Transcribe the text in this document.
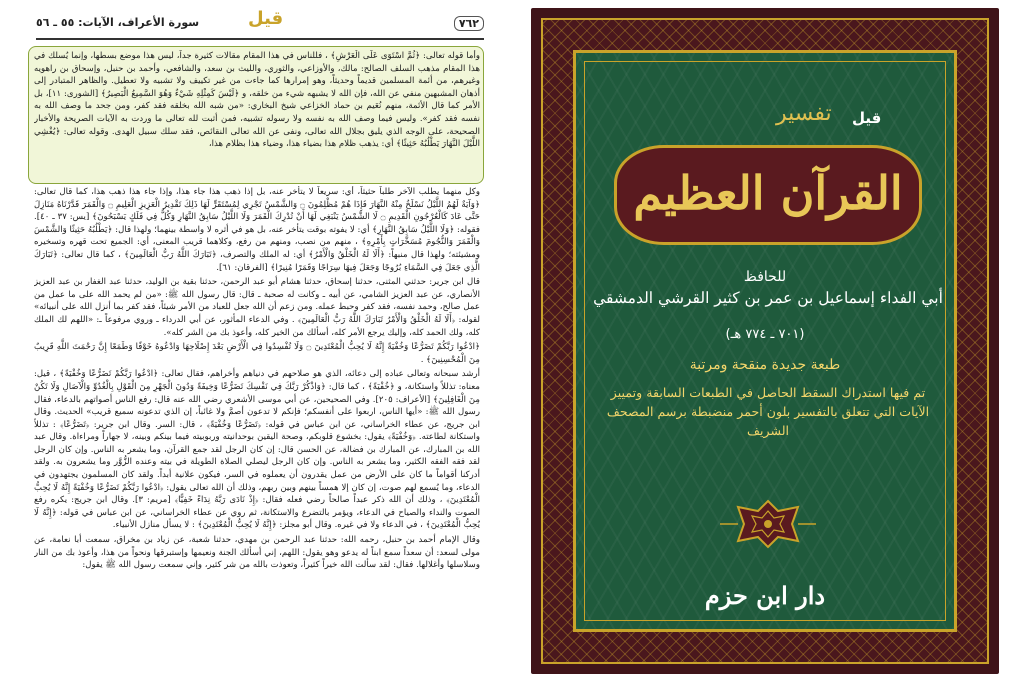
سورة الأعراف، الآيات: ٥٥ ـ ٥٦	قيل	٧٦٢
وأما قوله تعالى: ﴿ثُمَّ اسْتَوَى عَلَى الْعَرْشِ﴾ ، فللناس في هذا المقام مقالات كثيرة جداً، ليس هذا موضع بسطها، وإنما يُسلك في هذا المقام مذهب السلف الصالح: مالك، والأوزاعي، والثوري، والليث بن سعد، والشافعي، وأحمد بن حنبل، وإسحاق بن راهويه وغيرهم، من أئمة المسلمين قديماً وحديثاً، وهو إمرارها كما جاءت من غير تكييف ولا تشبيه ولا تعطيل. والظاهر المتبادر إلى أذهان المشبهين منفي عن الله، فإن الله لا يشبهه شيء من خلقه، و ﴿لَيْسَ كَمِثْلِهِ شَيْءٌ وَهُوَ السَّمِيعُ الْبَصِيرُ﴾ [الشورى: ١١]، بل الأمر كما قال الأئمة، منهم نُعَيم بن حماد الخزاعي شيخ البخاري: «من شبه الله بخلقه فقد كفر، ومن جحد ما وصف الله به نفسه فقد كفر». وليس فيما وصف الله به نفسه ولا رسوله تشبيه، فمن أثبت لله تعالى ما وردت به الآيات الصريحة والأخبار الصحيحة، على الوجه الذي يليق بجلال الله تعالى، ونفى عن الله تعالى النقائص، فقد سلك سبيل الهدى. وقوله تعالى: ﴿يُغْشِي اللَّيْلَ النَّهَارَ يَطْلُبُهُ حَثِيثًا﴾ أي: يذهب ظلام هذا بضياء هذا، وضياء هذا بظلام هذا،

وكل منهما يطلب الآخر طلباً حثيثاً، أي: سريعاً لا يتأخر عنه، بل إذا ذهب هذا جاء هذا، وإذا جاء هذا ذهب هذا، كما قال تعالى: ﴿وَآيَةٌ لَهُمُ اللَّيْلُ نَسْلَخُ مِنْهُ النَّهَارَ فَإِذَا هُمْ مُظْلِمُونَ ۝ وَالشَّمْسُ تَجْرِي لِمُسْتَقَرٍّ لَهَا ذَلِكَ تَقْدِيرُ الْعَزِيزِ الْعَلِيمِ ۝ وَالْقَمَرَ قَدَّرْنَاهُ مَنَازِلَ حَتَّى عَادَ كَالْعُرْجُونِ الْقَدِيمِ ۝ لَا الشَّمْسُ يَنْبَغِي لَهَا أَنْ تُدْرِكَ الْقَمَرَ وَلَا اللَّيْلُ سَابِقُ النَّهَارِ وَكُلٌّ فِي فَلَكٍ يَسْبَحُونَ﴾ [يس: ٣٧ ـ ٤٠]. فقوله: ﴿وَلَا اللَّيْلُ سَابِقُ النَّهَارِ﴾ أي: لا يفوته بوقت يتأخر عنه، بل هو في أثره لا واسطة بينهما؛ ولهذا قال: ﴿يَطْلُبُهُ حَثِيثًا وَالشَّمْسَ وَالْقَمَرَ وَالنُّجُومَ مُسَخَّرَاتٍ بِأَمْرِهِ﴾ ، منهم من نصب، ومنهم من رفع، وكلاهما قريب المعنى، أي: الجميع تحت قهره وتسخيره ومشيئته؛ ولهذا قال منبهاً: ﴿أَلَا لَهُ الْخَلْقُ وَالْأَمْرُ﴾ أي: له الملك والتصرف، ﴿تَبَارَكَ اللَّهُ رَبُّ الْعَالَمِينَ﴾ ، كما قال تعالى: ﴿تَبَارَكَ الَّذِي جَعَلَ فِي السَّمَاءِ بُرُوجًا وَجَعَلَ فِيهَا سِرَاجًا وَقَمَرًا مُنِيرًا﴾ [الفرقان: ٦١].

قال ابن جرير: حدثني المثنى، حدثنا إسحاق، حدثنا هشام أبو عبد الرحمن، حدثنا بقية بن الوليد، حدثنا عبد الغفار بن عبد العزيز الأنصاري، عن عبد العزيز الشامي، عن أبيه ـ وكانت له صحبة ـ قال: قال رسول الله ﷺ: «من لم يحمد الله على ما عمل من عمل صالح، وحمد نفسه، فقد كفر وحبط عمله. ومن زعم أن الله جعل للعباد من الأمر شيئاً، فقد كفر بما أنزل الله على أنبيائه» لقوله: ﴿أَلَا لَهُ الْخَلْقُ وَالْأَمْرُ تَبَارَكَ اللَّهُ رَبُّ الْعَالَمِينَ﴾ . وفي الدعاء المأثور، عن أبي الدرداء ـ وروي مرفوعاً ـ: «اللهم لك الملك كله، ولك الحمد كله، وإليك يرجع الأمر كله، أسألك من الخير كله، وأعوذ بك من الشر كله».

﴿ادْعُوا رَبَّكُمْ تَضَرُّعًا وَخُفْيَةً إِنَّهُ لَا يُحِبُّ الْمُعْتَدِينَ ۝ وَلَا تُفْسِدُوا فِي الْأَرْضِ بَعْدَ إِصْلَاحِهَا وَادْعُوهُ خَوْفًا وَطَمَعًا إِنَّ رَحْمَتَ اللَّهِ قَرِيبٌ مِنَ الْمُحْسِنِينَ﴾ .

أرشد سبحانه وتعالى عباده إلى دعائه، الذي هو صلاحهم في دنياهم وأخراهم، فقال تعالى: ﴿ادْعُوا رَبَّكُمْ تَضَرُّعًا وَخُفْيَةً﴾ ، قيل: معناه: تذللاً واستكانة، و ﴿خُفْيَةً﴾ ، كما قال: ﴿وَاذْكُرْ رَبَّكَ فِي نَفْسِكَ تَضَرُّعًا وَخِيفَةً وَدُونَ الْجَهْرِ مِنَ الْقَوْلِ بِالْغُدُوِّ وَالْآصَالِ وَلَا تَكُنْ مِنَ الْغَافِلِينَ﴾ [الأعراف: ٢٠٥]. وفي الصحيحين، عن أبي موسى الأشعري رضي الله عنه قال: رفع الناس أصواتهم بالدعاء، فقال رسول الله ﷺ: «أيها الناس، اربعوا على أنفسكم؛ فإنكم لا تدعون أصمَّ ولا غائباً، إن الذي تدعونه سميع قريب» الحديث. وقال ابن جريج، عن عطاء الخراساني، عن ابن عباس في قوله: ﴿تَضَرُّعًا وَخُفْيَةً﴾ ، قال: السر. وقال ابن جرير: ﴿تَضَرُّعًا﴾ : تذللاً واستكانة لطاعته. ﴿وَخُفْيَةً﴾ يقول: بخشوع قلوبكم، وصحة اليقين بوحدانيته وربوبيته فيما بينكم وبينه، لا جهاراً ومراءاة. وقال عبد الله بن المبارك، عن المبارك بن فضالة، عن الحسن قال: إن كان الرجل لقد جمع القرآن، وما يشعر به الناس. وإن كان الرجل لقد فقه الفقه الكثير، وما يشعر به الناس. وإن كان الرجل ليصلي الصلاة الطويلة في بيته وعنده الزُّوَّر وما يشعرون به. ولقد أدركنا أقواماً ما كان على الأرض من عمل يقدرون أن يعملوه في السر، فيكون علانية أبداً. ولقد كان المسلمون يجتهدون في الدعاء، وما يُسمع لهم صوت، إن كان إلا همساً بينهم وبين ربهم، وذلك أن الله تعالى يقول: ﴿ادْعُوا رَبَّكُمْ تَضَرُّعًا وَخُفْيَةً إِنَّهُ لَا يُحِبُّ الْمُعْتَدِينَ﴾ ، وذلك أن الله ذكر عبداً صالحاً رضي فعله فقال: ﴿إِذْ نَادَى رَبَّهُ نِدَاءً خَفِيًّا﴾ [مريم: ٣]. وقال ابن جريج: يكره رفع الصوت والنداء والصياح في الدعاء، ويؤمر بالتضرع والاستكانة، ثم روي عن عطاء الخراساني، عن ابن عباس في قوله: ﴿إِنَّهُ لَا يُحِبُّ الْمُعْتَدِينَ﴾ ، في الدعاء ولا في غيره. وقال أبو مجلز: ﴿إِنَّهُ لَا يُحِبُّ الْمُعْتَدِينَ﴾ : لا يسأل منازل الأنبياء.

وقال الإمام أحمد بن حنبل، رحمه الله: حدثنا عبد الرحمن بن مهدي، حدثنا شعبة، عن زياد بن مخراق، سمعت أبا نعامة، عن مولى لسعد: أن سعداً سمع ابناً له يدعو وهو يقول: اللهم، إني أسألك الجنة ونعيمها وإستبرقها ونحواً من هذا، وأعوذ بك من النار وسلاسلها وأغلالها. فقال: لقد سألت الله خيراً كثيراً، وتعوذت بالله من شر كثير، وإني سمعت رسول الله ﷺ يقول:

قيل
تفسير
القرآن العظيم
للحافظ
أبي الفداء إسماعيل بن عمر بن كثير القرشي الدمشقي
(٧٠١ ـ ٧٧٤ هـ)
طبعة جديدة منقحة ومرتبة
تم فيها استدراك السقط الحاصل في الطبعات السابقة وتمييز الآيات التي تتعلق بالتفسير بلون أحمر منضبطة برسم المصحف الشريف
دار ابن حزم
